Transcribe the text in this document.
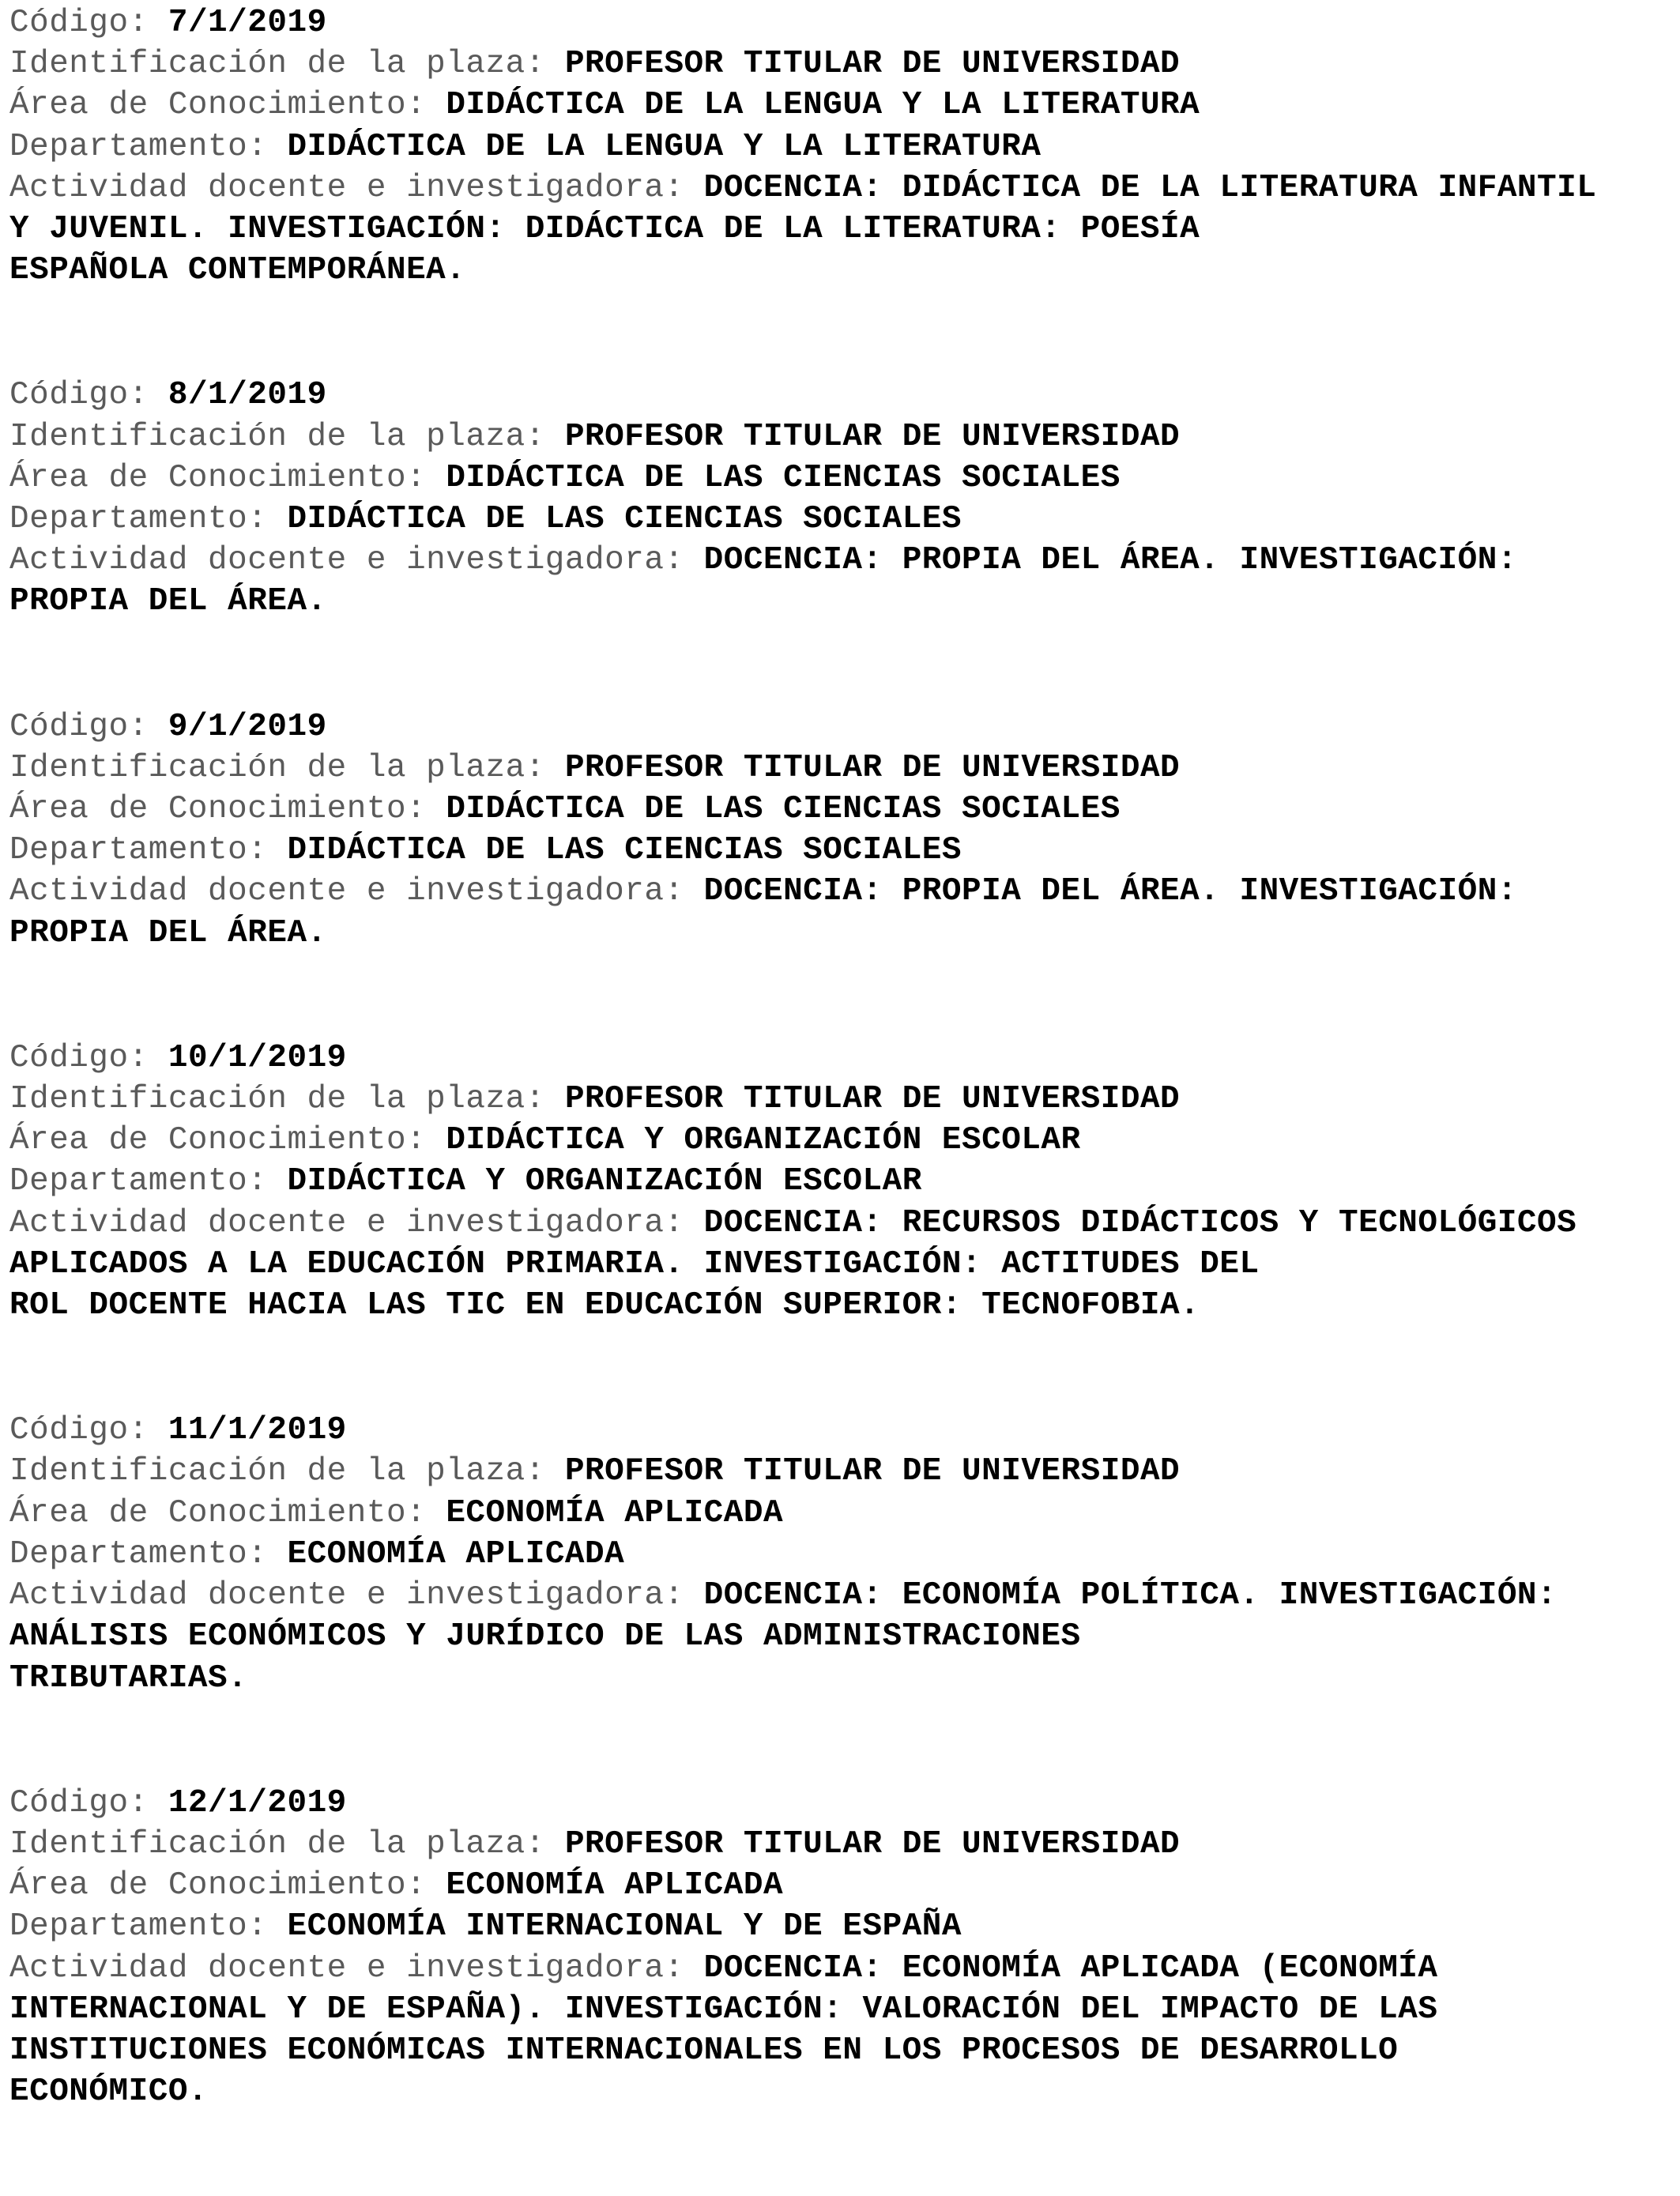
Código: 7/1/2019
Identificación de la plaza: PROFESOR TITULAR DE UNIVERSIDAD
Área de Conocimiento: DIDÁCTICA DE LA LENGUA Y LA LITERATURA
Departamento: DIDÁCTICA DE LA LENGUA Y LA LITERATURA
Actividad docente e investigadora: DOCENCIA: DIDÁCTICA DE LA LITERATURA INFANTIL
Y JUVENIL. INVESTIGACIÓN: DIDÁCTICA DE LA LITERATURA: POESÍA
ESPAÑOLA CONTEMPORÁNEA.
Código: 8/1/2019
Identificación de la plaza: PROFESOR TITULAR DE UNIVERSIDAD
Área de Conocimiento: DIDÁCTICA DE LAS CIENCIAS SOCIALES
Departamento: DIDÁCTICA DE LAS CIENCIAS SOCIALES
Actividad docente e investigadora: DOCENCIA: PROPIA DEL ÁREA. INVESTIGACIÓN:
PROPIA DEL ÁREA.
Código: 9/1/2019
Identificación de la plaza: PROFESOR TITULAR DE UNIVERSIDAD
Área de Conocimiento: DIDÁCTICA DE LAS CIENCIAS SOCIALES
Departamento: DIDÁCTICA DE LAS CIENCIAS SOCIALES
Actividad docente e investigadora: DOCENCIA: PROPIA DEL ÁREA. INVESTIGACIÓN:
PROPIA DEL ÁREA.
Código: 10/1/2019
Identificación de la plaza: PROFESOR TITULAR DE UNIVERSIDAD
Área de Conocimiento: DIDÁCTICA Y ORGANIZACIÓN ESCOLAR
Departamento: DIDÁCTICA Y ORGANIZACIÓN ESCOLAR
Actividad docente e investigadora: DOCENCIA: RECURSOS DIDÁCTICOS Y TECNOLÓGICOS
APLICADOS A LA EDUCACIÓN PRIMARIA. INVESTIGACIÓN: ACTITUDES DEL
ROL DOCENTE HACIA LAS TIC EN EDUCACIÓN SUPERIOR: TECNOFOBIA.
Código: 11/1/2019
Identificación de la plaza: PROFESOR TITULAR DE UNIVERSIDAD
Área de Conocimiento: ECONOMÍA APLICADA
Departamento: ECONOMÍA APLICADA
Actividad docente e investigadora: DOCENCIA: ECONOMÍA POLÍTICA. INVESTIGACIÓN:
ANÁLISIS ECONÓMICOS Y JURÍDICO DE LAS ADMINISTRACIONES
TRIBUTARIAS.
Código: 12/1/2019
Identificación de la plaza: PROFESOR TITULAR DE UNIVERSIDAD
Área de Conocimiento: ECONOMÍA APLICADA
Departamento: ECONOMÍA INTERNACIONAL Y DE ESPAÑA
Actividad docente e investigadora: DOCENCIA: ECONOMÍA APLICADA (ECONOMÍA
INTERNACIONAL Y DE ESPAÑA). INVESTIGACIÓN: VALORACIÓN DEL IMPACTO DE LAS
INSTITUCIONES ECONÓMICAS INTERNACIONALES EN LOS PROCESOS DE DESARROLLO
ECONÓMICO.
